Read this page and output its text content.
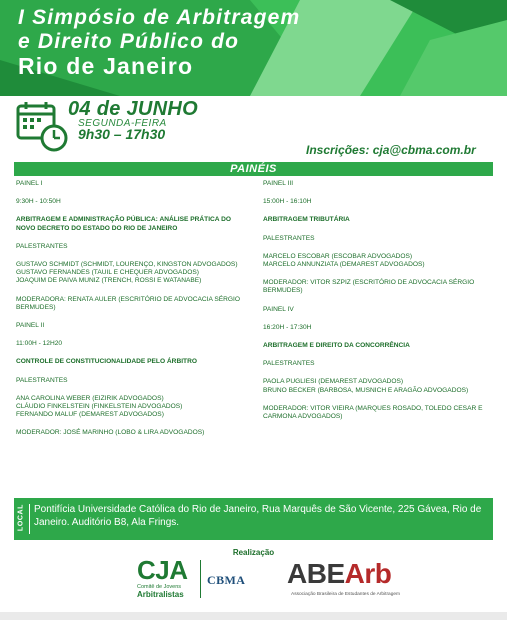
I Simpósio de Arbitragem
e Direito Público do
Rio de Janeiro
04 de JUNHO
SEGUNDA-FEIRA
9h30 – 17h30
Inscrições: cja@cbma.com.br
PAINÉIS
PAINEL I
9:30H - 10:50H
ARBITRAGEM E ADMINISTRAÇÃO PÚBLICA: ANÁLISE PRÁTICA DO NOVO DECRETO DO ESTADO DO RIO DE JANEIRO
PALESTRANTES
GUSTAVO SCHMIDT (SCHMIDT, LOURENÇO, KINGSTON ADVOGADOS)
GUSTAVO FERNANDES (TAUIL E CHEQUER ADVOGADOS)
JOAQUIM DE PAIVA MUNIZ (TRENCH, ROSSI E WATANABE)
MODERADORA: RENATA AULER (ESCRITÓRIO DE ADVOCACIA SÉRGIO BERMUDES)
PAINEL II
11:00H - 12H20
CONTROLE DE CONSTITUCIONALIDADE PELO ÁRBITRO
PALESTRANTES
ANA CAROLINA WEBER (EIZIRIK ADVOGADOS)
CLÁUDIO FINKELSTEIN (FINKELSTEIN ADVOGADOS)
FERNANDO MALUF (DEMAREST ADVOGADOS)
MODERADOR: JOSÉ MARINHO (LOBO & LIRA ADVOGADOS)
PAINEL III
15:00H - 16:10H
ARBITRAGEM TRIBUTÁRIA
PALESTRANTES
MARCELO ESCOBAR (ESCOBAR ADVOGADOS)
MARCELO ANNUNZIATA (DEMAREST ADVOGADOS)
MODERADOR: VITOR SZPIZ (ESCRITÓRIO DE ADVOCACIA SÉRGIO BERMUDES)
PAINEL IV
16:20H - 17:30H
ARBITRAGEM E DIREITO DA CONCORRÊNCIA
PALESTRANTES
PAOLA PUGLIESI (DEMAREST ADVOGADOS)
BRUNO BECKER (BARBOSA, MUSNICH E ARAGÃO ADVOGADOS)
MODERADOR: VITOR VIEIRA (MARQUES ROSADO, TOLEDO CESAR E CARMONA ADVOGADOS)
LOCAL Pontifícia Universidade Católica do Rio de Janeiro, Rua Marquês de São Vicente, 225 Gávea, Rio de Janeiro. Auditório B8, Ala Frings.
Realização
CJA
Comitê de Jovens
Arbitralistas
CBMA ABEArb
Associação Brasileira de Estudantes de Arbitragem
